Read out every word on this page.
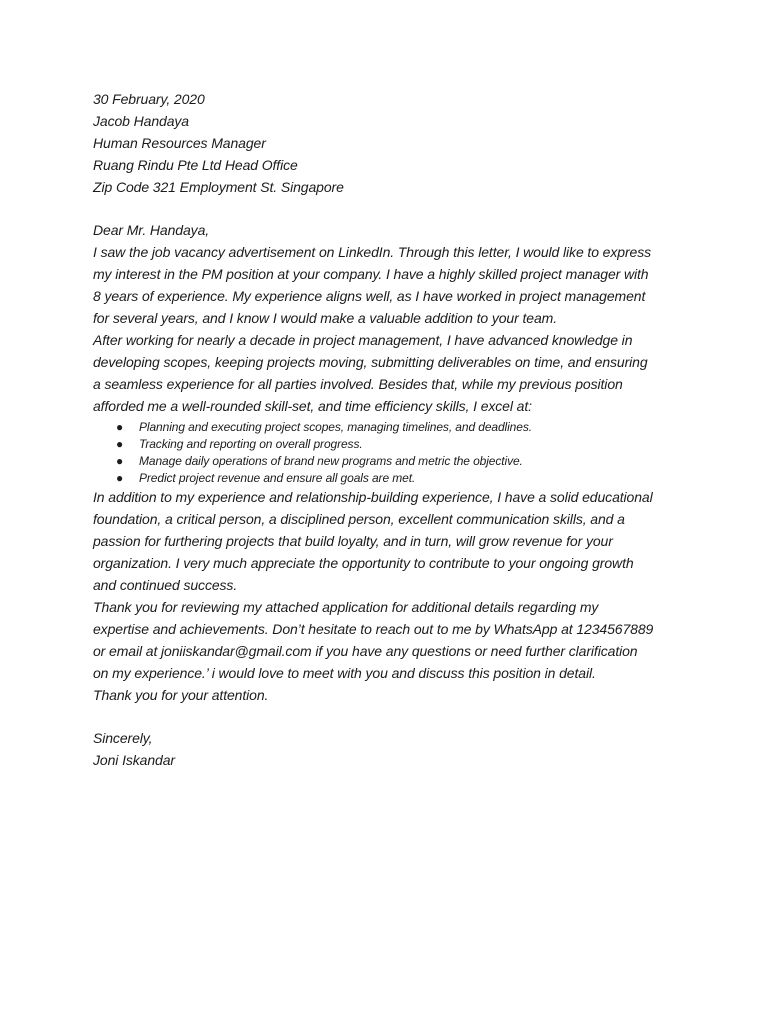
30 February, 2020
Jacob Handaya
Human Resources Manager
Ruang Rindu Pte Ltd Head Office
Zip Code 321 Employment St. Singapore
Dear Mr. Handaya,
I saw the job vacancy advertisement on LinkedIn. Through this letter, I would like to express
my interest in the PM position at your company. I have a highly skilled project manager with
8 years of experience. My experience aligns well, as I have worked in project management
for several years, and I know I would make a valuable addition to your team.
After working for nearly a decade in project management, I have advanced knowledge in
developing scopes, keeping projects moving, submitting deliverables on time, and ensuring
a seamless experience for all parties involved. Besides that, while my previous position
afforded me a well-rounded skill-set, and time efficiency skills, I excel at:
● Planning and executing project scopes, managing timelines, and deadlines.
● Tracking and reporting on overall progress.
● Manage daily operations of brand new programs and metric the objective.
● Predict project revenue and ensure all goals are met.
In addition to my experience and relationship-building experience, I have a solid educational
foundation, a critical person, a disciplined person, excellent communication skills, and a
passion for furthering projects that build loyalty, and in turn, will grow revenue for your
organization. I very much appreciate the opportunity to contribute to your ongoing growth
and continued success.
Thank you for reviewing my attached application for additional details regarding my
expertise and achievements. Don’t hesitate to reach out to me by WhatsApp at 1234567889
or email at joniiskandar@gmail.com if you have any questions or need further clarification
on my experience.’ i would love to meet with you and discuss this position in detail.
Thank you for your attention.
Sincerely,
Joni Iskandar
